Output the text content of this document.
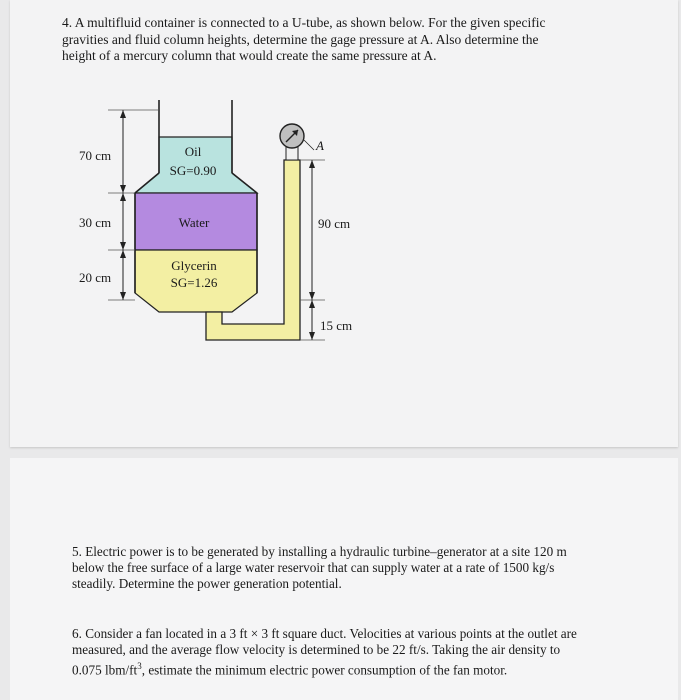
4. A multifluid container is connected to a U-tube, as shown below. For the given specific gravities and fluid column heights, determine the gage pressure at A. Also determine the height of a mercury column that would create the same pressure at A.
A
70 cm
30 cm
20 cm
90 cm
15 cm
Oil
SG=0.90
Water
Glycerin
SG=1.26
5. Electric power is to be generated by installing a hydraulic turbine–generator at a site 120 m below the free surface of a large water reservoir that can supply water at a rate of 1500 kg/s steadily. Determine the power generation potential.
6. Consider a fan located in a 3 ft × 3 ft square duct. Velocities at various points at the outlet are measured, and the average flow velocity is determined to be 22 ft/s. Taking the air density to 0.075 lbm/$ft^3$, estimate the minimum electric power consumption of the fan motor.
